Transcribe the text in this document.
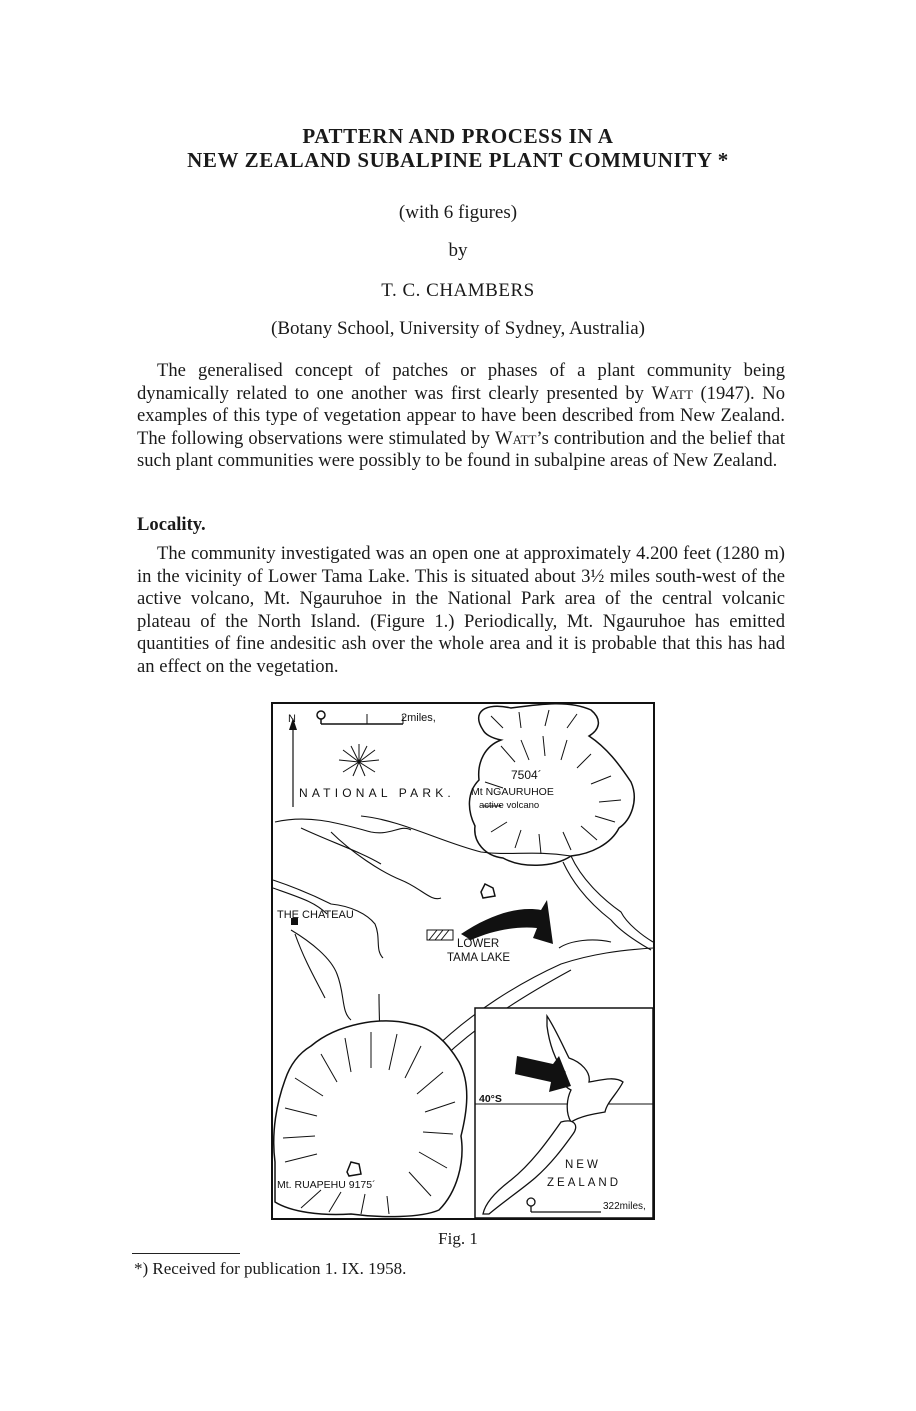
PATTERN AND PROCESS IN A
NEW ZEALAND SUBALPINE PLANT COMMUNITY *
(with 6 figures)
by
T. C. CHAMBERS
(Botany School, University of Sydney, Australia)

The generalised concept of patches or phases of a plant community being dynamically related to one another was first clearly presented by Watt (1947). No examples of this type of vegetation appear to have been described from New Zealand. The following observations were stimulated by Watt’s contribution and the belief that such plant communities were possibly to be found in subalpine areas of New Zealand.

Locality.

The community investigated was an open one at approximately 4.200 feet (1280 m) in the vicinity of Lower Tama Lake. This is situated about 3½ miles south-west of the active volcano, Mt. Ngauruhoe in the National Park area of the central volcanic plateau of the North Island. (Figure 1.) Periodically, Mt. Ngauruhoe has emitted quantities of fine andesitic ash over the whole area and it is probable that this has had an effect on the vegetation.

N	2miles,
NATIONAL PARK.
7504´
Mt NGAURUHOE
active volcano
THE CHATEAU
LOWER
TAMA LAKE
Mt. RUAPEHU 9175´
40°S
NEW
ZEALAND
322miles,
Fig. 1
*) Received for publication 1. IX. 1958.
